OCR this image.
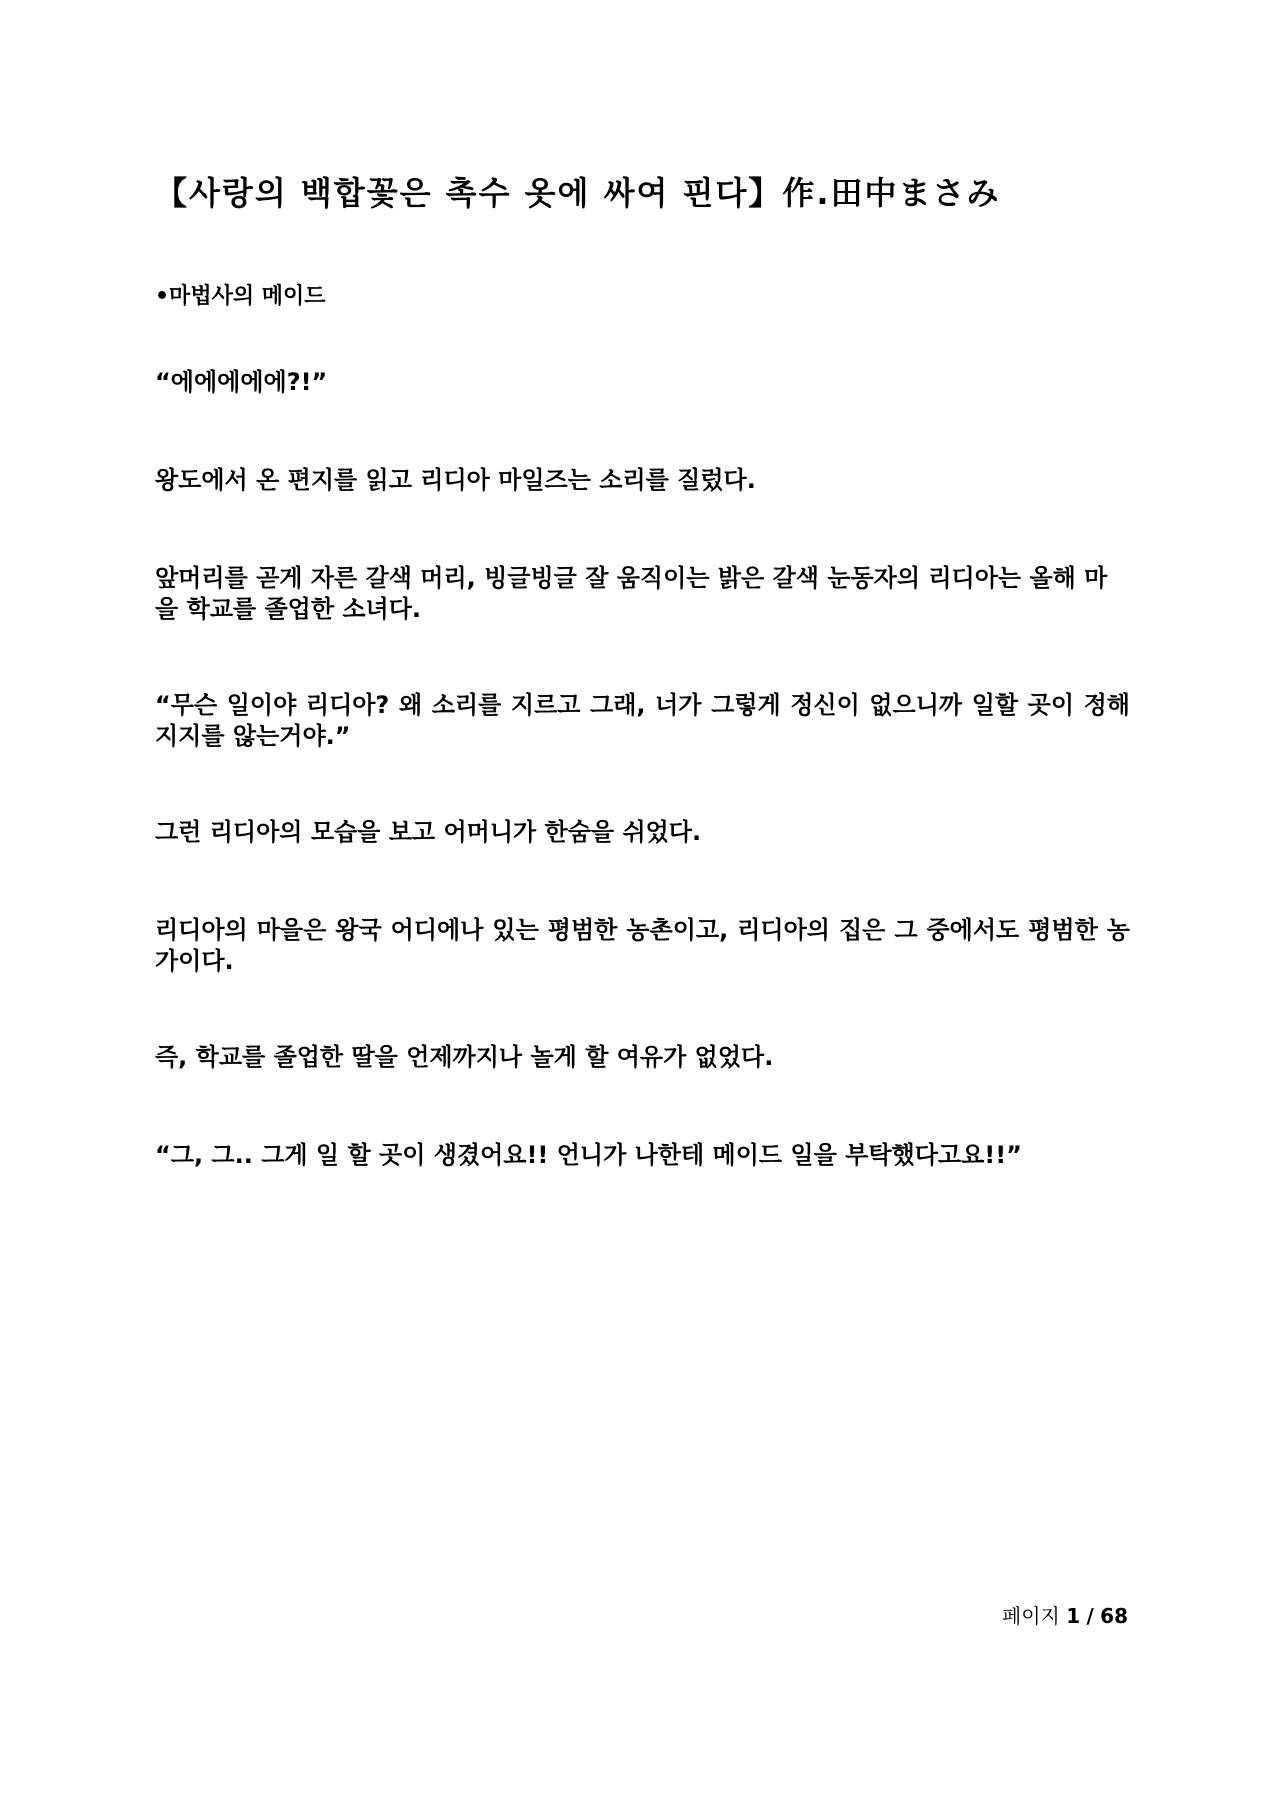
【사랑의 백합꽃은 촉수 옷에 싸여 핀다】作.田中まさみ
•마법사의 메이드

“에에에에에?!”

왕도에서 온 편지를 읽고 리디아 마일즈는 소리를 질렀다.

앞머리를 곧게 자른 갈색 머리, 빙글빙글 잘 움직이는 밝은 갈색 눈동자의 리디아는 올해 마을 학교를 졸업한 소녀다.

“무슨 일이야 리디아? 왜 소리를 지르고 그래, 너가 그렇게 정신이 없으니까 일할 곳이 정해지지를 않는거야.”

그런 리디아의 모습을 보고 어머니가 한숨을 쉬었다.

리디아의 마을은 왕국 어디에나 있는 평범한 농촌이고, 리디아의 집은 그 중에서도 평범한 농가이다.

즉, 학교를 졸업한 딸을 언제까지나 놀게 할 여유가 없었다.

“그, 그.. 그게 일 할 곳이 생겼어요!! 언니가 나한테 메이드 일을 부탁했다고요!!”

페이지 1 / 68
